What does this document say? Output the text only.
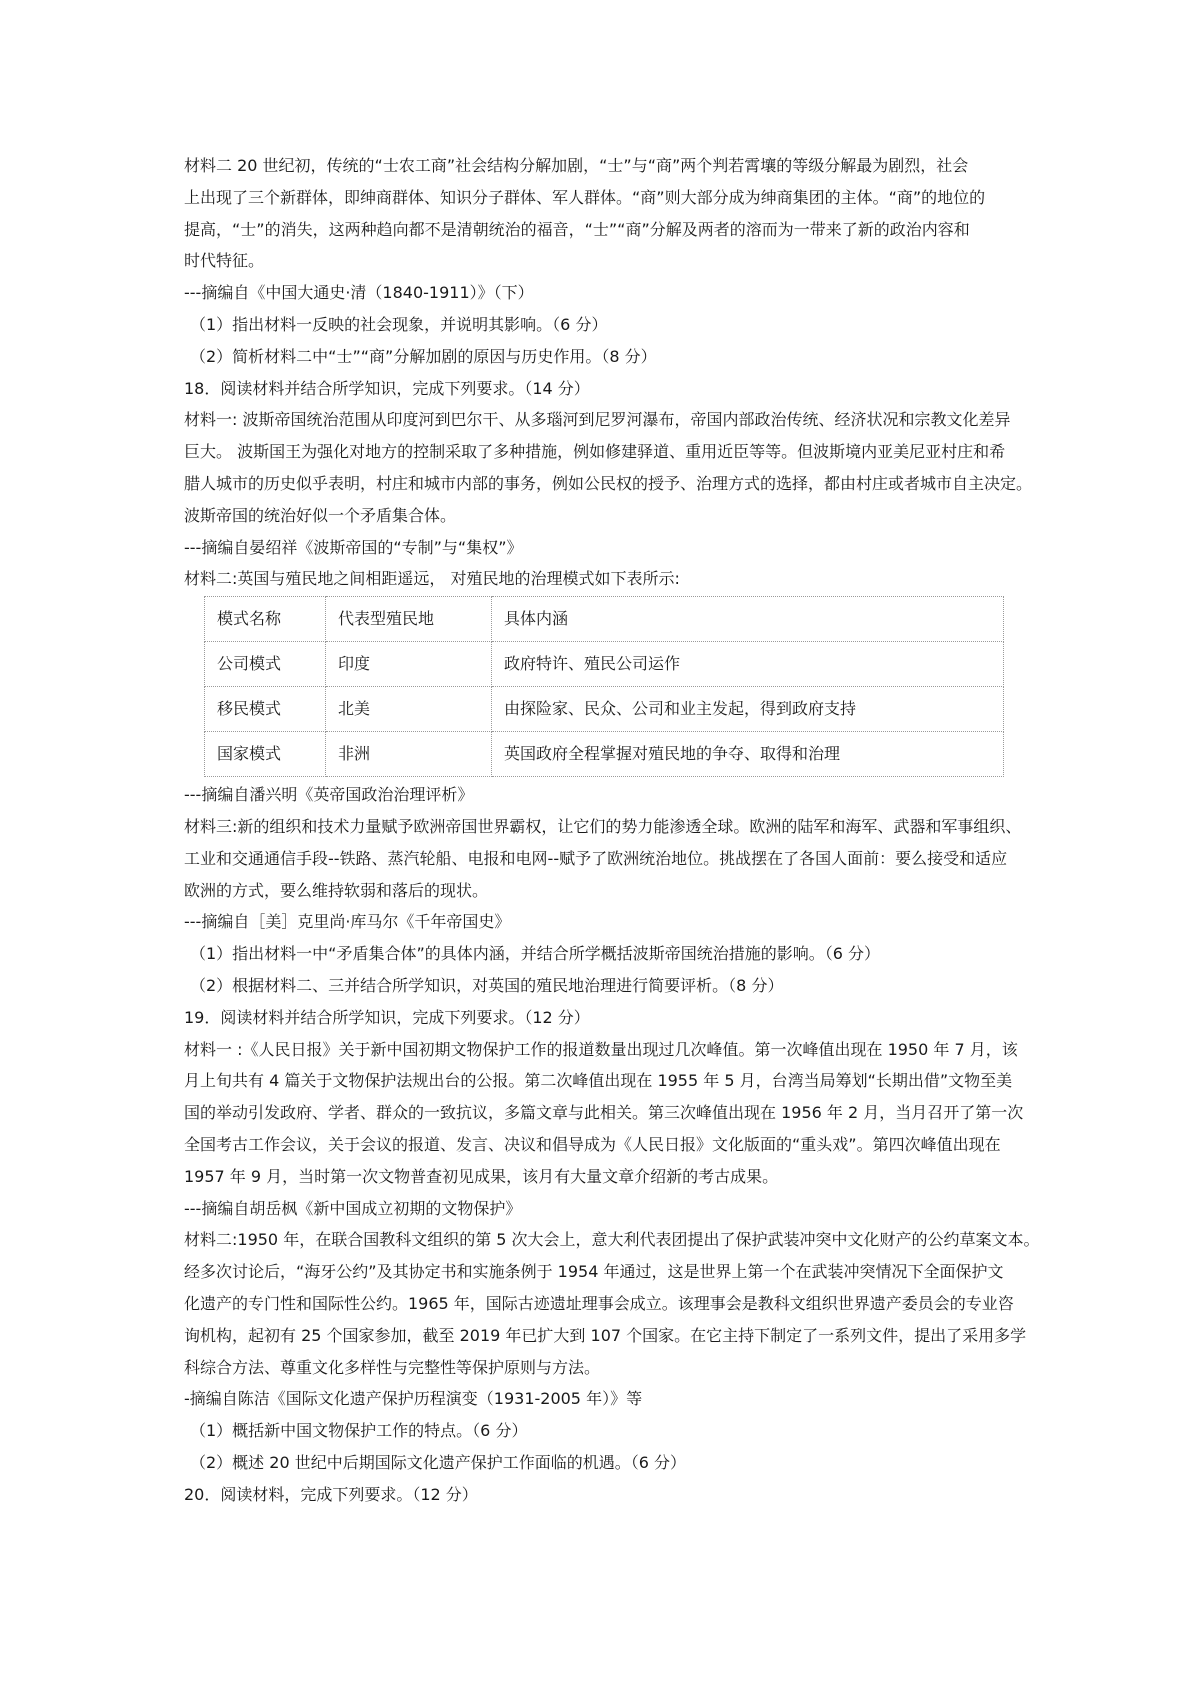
材料二 20 世纪初，传统的“士农工商”社会结构分解加剧，“士”与“商”两个判若霄壤的等级分解最为剧烈，社会
上出现了三个新群体，即绅商群体、知识分子群体、军人群体。“商”则大部分成为绅商集团的主体。“商”的地位的
提高，“士”的消失，这两种趋向都不是清朝统治的福音，“士”“商”分解及两者的溶而为一带来了新的政治内容和
时代特征。
---摘编自《中国大通史·清（1840-1911）》（下）
（1）指出材料一反映的社会现象，并说明其影响。（6 分）
（2）简析材料二中“士”“商”分解加剧的原因与历史作用。（8 分）
18．阅读材料并结合所学知识，完成下列要求。（14 分）
材料一: 波斯帝国统治范围从印度河到巴尔干、从多瑙河到尼罗河瀑布，帝国内部政治传统、经济状况和宗教文化差异
巨大。 波斯国王为强化对地方的控制采取了多种措施，例如修建驿道、重用近臣等等。但波斯境内亚美尼亚村庄和希
腊人城市的历史似乎表明，村庄和城市内部的事务，例如公民权的授予、治理方式的选择，都由村庄或者城市自主决定。
波斯帝国的统治好似一个矛盾集合体。
---摘编自晏绍祥《波斯帝国的“专制”与“集权”》
材料二:英国与殖民地之间相距遥远， 对殖民地的治理模式如下表所示:
模式名称	代表型殖民地	具体内涵
公司模式	印度	政府特许、殖民公司运作
移民模式	北美	由探险家、民众、公司和业主发起，得到政府支持
国家模式	非洲	英国政府全程掌握对殖民地的争夺、取得和治理
---摘编自潘兴明《英帝国政治治理评析》
材料三:新的组织和技术力量赋予欧洲帝国世界霸权，让它们的势力能渗透全球。欧洲的陆军和海军、武器和军事组织、
工业和交通通信手段--铁路、蒸汽轮船、电报和电网--赋予了欧洲统治地位。挑战摆在了各国人面前：要么接受和适应
欧洲的方式，要么维持软弱和落后的现状。
---摘编自［美］克里尚·库马尔《千年帝国史》
（1）指出材料一中“矛盾集合体”的具体内涵，并结合所学概括波斯帝国统治措施的影响。（6 分）
（2）根据材料二、三并结合所学知识，对英国的殖民地治理进行简要评析。（8 分）
19．阅读材料并结合所学知识，完成下列要求。（12 分）
材料一 :《人民日报》关于新中国初期文物保护工作的报道数量出现过几次峰值。第一次峰值出现在 1950 年 7 月，该
月上旬共有 4 篇关于文物保护法规出台的公报。第二次峰值出现在 1955 年 5 月，台湾当局筹划“长期出借”文物至美
国的举动引发政府、学者、群众的一致抗议，多篇文章与此相关。第三次峰值出现在 1956 年 2 月，当月召开了第一次
全国考古工作会议，关于会议的报道、发言、决议和倡导成为《人民日报》文化版面的“重头戏”。第四次峰值出现在
1957 年 9 月，当时第一次文物普查初见成果，该月有大量文章介绍新的考古成果。
---摘编自胡岳枫《新中国成立初期的文物保护》
材料二:1950 年，在联合国教科文组织的第 5 次大会上，意大利代表团提出了保护武装冲突中文化财产的公约草案文本。
经多次讨论后，“海牙公约”及其协定书和实施条例于 1954 年通过，这是世界上第一个在武装冲突情况下全面保护文
化遗产的专门性和国际性公约。1965 年，国际古迹遗址理事会成立。该理事会是教科文组织世界遗产委员会的专业咨
询机构，起初有 25 个国家参加，截至 2019 年已扩大到 107 个国家。在它主持下制定了一系列文件，提出了采用多学
科综合方法、尊重文化多样性与完整性等保护原则与方法。
-摘编自陈洁《国际文化遗产保护历程演变（1931-2005 年）》等
（1）概括新中国文物保护工作的特点。（6 分）
（2）概述 20 世纪中后期国际文化遗产保护工作面临的机遇。（6 分）
20．阅读材料，完成下列要求。（12 分）
